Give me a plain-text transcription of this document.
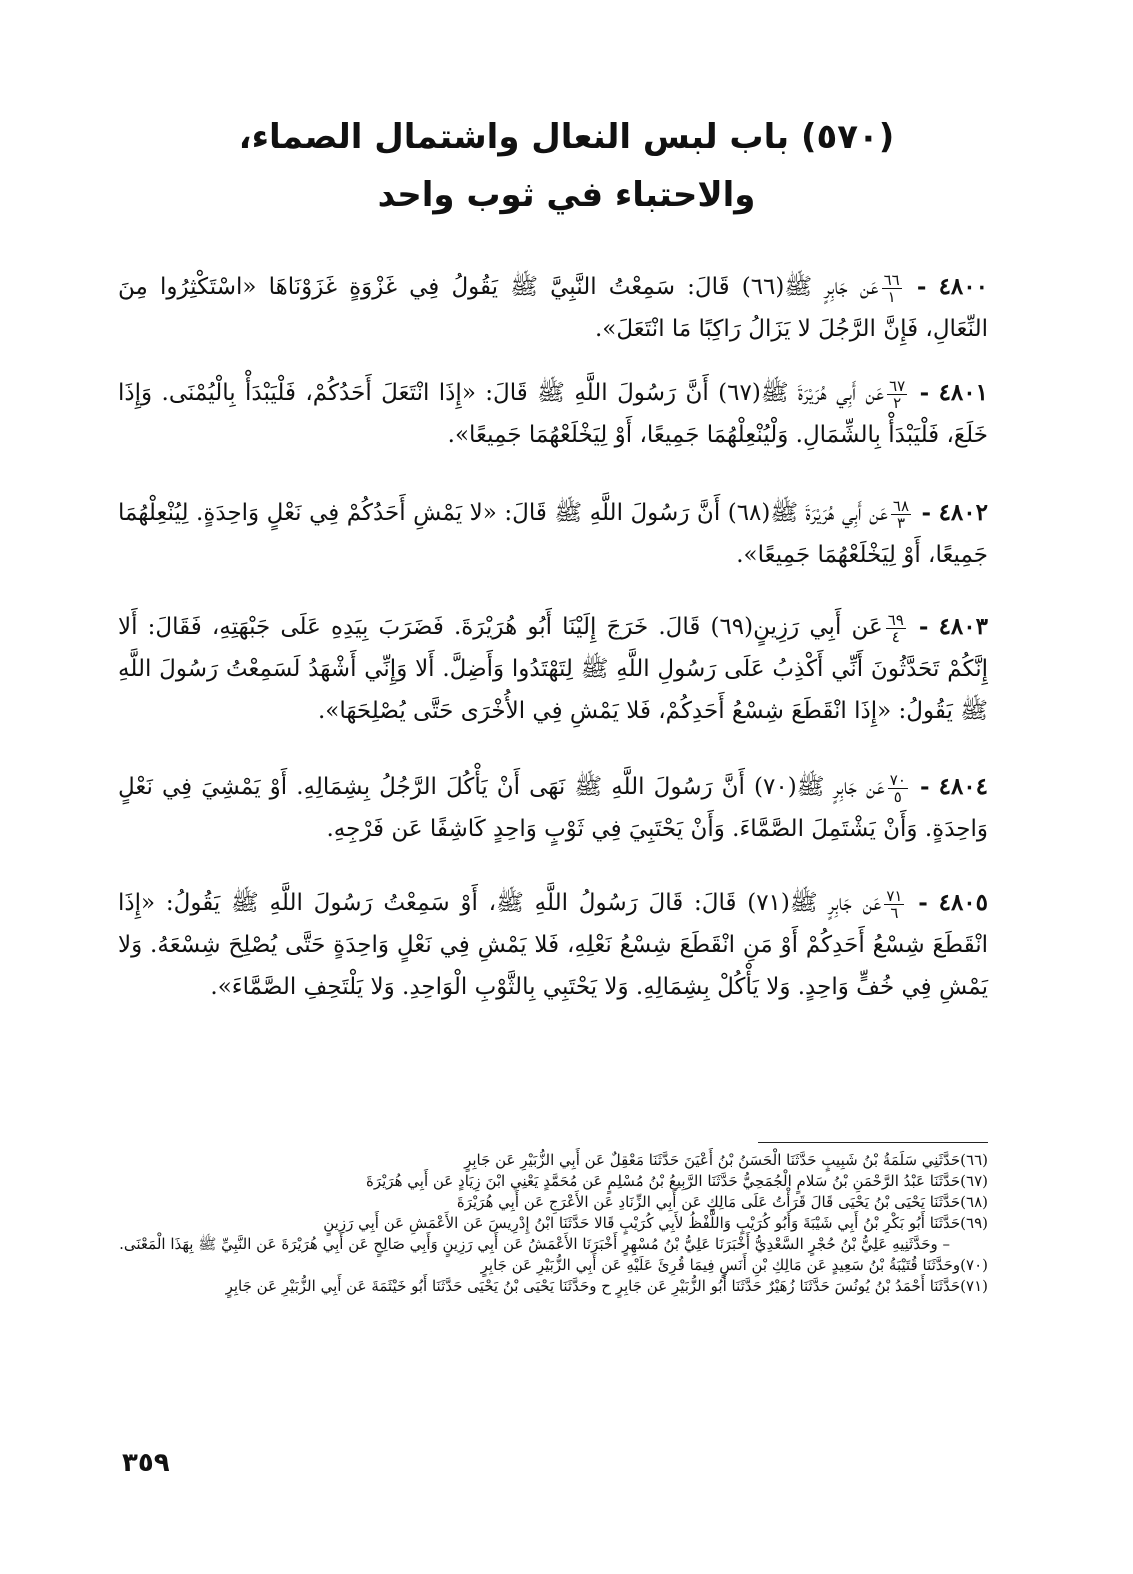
(٥٧٠) باب لبس النعال واشتمال الصماء،
والاحتباء في ثوب واحد
٤٨٠٠ -
٦٦
١
عَن جَابِرٍ ﷺ(٦٦) قَالَ: سَمِعْتُ النَّبِيَّ ﷺ يَقُولُ فِي غَزْوَةٍ غَزَوْنَاهَا «اسْتَكْثِرُوا مِنَ النِّعَالِ، فَإِنَّ الرَّجُلَ لا يَزَالُ رَاكِبًا مَا انْتَعَلَ».
٤٨٠١ -
٦٧
٢
عَن أَبِي هُرَيْرَةَ ﷺ(٦٧) أَنَّ رَسُولَ اللَّهِ ﷺ قَالَ: «إِذَا انْتَعَلَ أَحَدُكُمْ، فَلْيَبْدَأْ بِالْيُمْنَى. وَإِذَا خَلَعَ، فَلْيَبْدَأْ بِالشِّمَالِ. وَلْيُنْعِلْهُمَا جَمِيعًا، أَوْ لِيَخْلَعْهُمَا جَمِيعًا».
٤٨٠٢ -
٦٨
٣
عَن أَبِي هُرَيْرَةَ ﷺ(٦٨) أَنَّ رَسُولَ اللَّهِ ﷺ قَالَ: «لا يَمْشِ أَحَدُكُمْ فِي نَعْلٍ وَاحِدَةٍ. لِيُنْعِلْهُمَا جَمِيعًا، أَوْ لِيَخْلَعْهُمَا جَمِيعًا».
٤٨٠٣ -
٦٩
٤
عَن أَبِي رَزِينٍ(٦٩) قَالَ. خَرَجَ إِلَيْنَا أَبُو هُرَيْرَةَ. فَضَرَبَ بِيَدِهِ عَلَى جَبْهَتِهِ، فَقَالَ: أَلا إِنَّكُمْ تَحَدَّثُونَ أَنِّي أَكْذِبُ عَلَى رَسُولِ اللَّهِ ﷺ لِتَهْتَدُوا وَأَضِلَّ. أَلا وَإِنِّي أَشْهَدُ لَسَمِعْتُ رَسُولَ اللَّهِ ﷺ يَقُولُ: «إِذَا انْقَطَعَ شِسْعُ أَحَدِكُمْ، فَلا يَمْشِ فِي الأُخْرَى حَتَّى يُصْلِحَهَا».
٤٨٠٤ -
٧٠
٥
عَن جَابِرٍ ﷺ(٧٠) أَنَّ رَسُولَ اللَّهِ ﷺ نَهَى أَنْ يَأْكُلَ الرَّجُلُ بِشِمَالِهِ. أَوْ يَمْشِيَ فِي نَعْلٍ وَاحِدَةٍ. وَأَنْ يَشْتَمِلَ الصَّمَّاءَ. وَأَنْ يَحْتَبِيَ فِي ثَوْبٍ وَاحِدٍ كَاشِفًا عَن فَرْجِهِ.
٤٨٠٥ -
٧١
٦
عَن جَابِرٍ ﷺ(٧١) قَالَ: قَالَ رَسُولُ اللَّهِ ﷺ، أَوْ سَمِعْتُ رَسُولَ اللَّهِ ﷺ يَقُولُ: «إِذَا انْقَطَعَ شِسْعُ أَحَدِكُمْ أَوْ مَنِ انْقَطَعَ شِسْعُ نَعْلِهِ، فَلا يَمْشِ فِي نَعْلٍ وَاحِدَةٍ حَتَّى يُصْلِحَ شِسْعَهُ. وَلا يَمْشِ فِي خُفٍّ وَاحِدٍ. وَلا يَأْكُلْ بِشِمَالِهِ. وَلا يَحْتَبِي بِالثَّوْبِ الْوَاحِدِ. وَلا يَلْتَحِفِ الصَّمَّاءَ».

(٦٦)حَدَّثَنِي سَلَمَةُ بْنُ شَبِيبٍ حَدَّثَنَا الْحَسَنُ بْنُ أَعْيَنَ حَدَّثَنَا مَعْقِلٌ عَن أَبِي الزُّبَيْرِ عَن جَابِرٍ

(٦٧)حَدَّثَنَا عَبْدُ الرَّحْمَنِ بْنُ سَلامٍ الْجُمَحِيُّ حَدَّثَنَا الرَّبِيعُ بْنُ مُسْلِمٍ عَن مُحَمَّدٍ يَعْنِي ابْنَ زِيَادٍ عَن أَبِي هُرَيْرَةَ

(٦٨)حَدَّثَنَا يَحْيَى بْنُ يَحْيَى قَالَ قَرَأْتُ عَلَى مَالِكٍ عَن أَبِي الزِّنَادِ عَن الأَعْرَجِ عَن أَبِي هُرَيْرَةَ

(٦٩)حَدَّثَنَا أَبُو بَكْرِ بْنُ أَبِي شَيْبَةَ وَأَبُو كُرَيْبٍ وَاللَّفْظُ لأَبِي كُرَيْبٍ قَالا حَدَّثَنَا ابْنُ إِدْرِيسَ عَن الأَعْمَشِ عَن أَبِي رَزِينٍ

– وحَدَّثَنِيهِ عَلِيُّ بْنُ حُجْرٍ السَّعْدِيُّ أَخْبَرَنَا عَلِيُّ بْنُ مُسْهِرٍ أَخْبَرَنَا الأَعْمَشُ عَن أَبِي رَزِينٍ وَأَبِي صَالِحٍ عَن أَبِي هُرَيْرَةَ عَن النَّبِيِّ ﷺ بِهَذَا الْمَعْنَى.

(٧٠)وحَدَّثَنَا قُتَيْبَةُ بْنُ سَعِيدٍ عَن مَالِكِ بْنِ أَنَسٍ فِيمَا قُرِئَ عَلَيْهِ عَن أَبِي الزُّبَيْرِ عَن جَابِرٍ

(٧١)حَدَّثَنَا أَحْمَدُ بْنُ يُونُسَ حَدَّثَنَا زُهَيْرٌ حَدَّثَنَا أَبُو الزُّبَيْرِ عَن جَابِرٍ ح وحَدَّثَنَا يَحْيَى بْنُ يَحْيَى حَدَّثَنَا أَبُو خَيْثَمَةَ عَن أَبِي الزُّبَيْرِ عَن جَابِرٍ

٣٥٩
